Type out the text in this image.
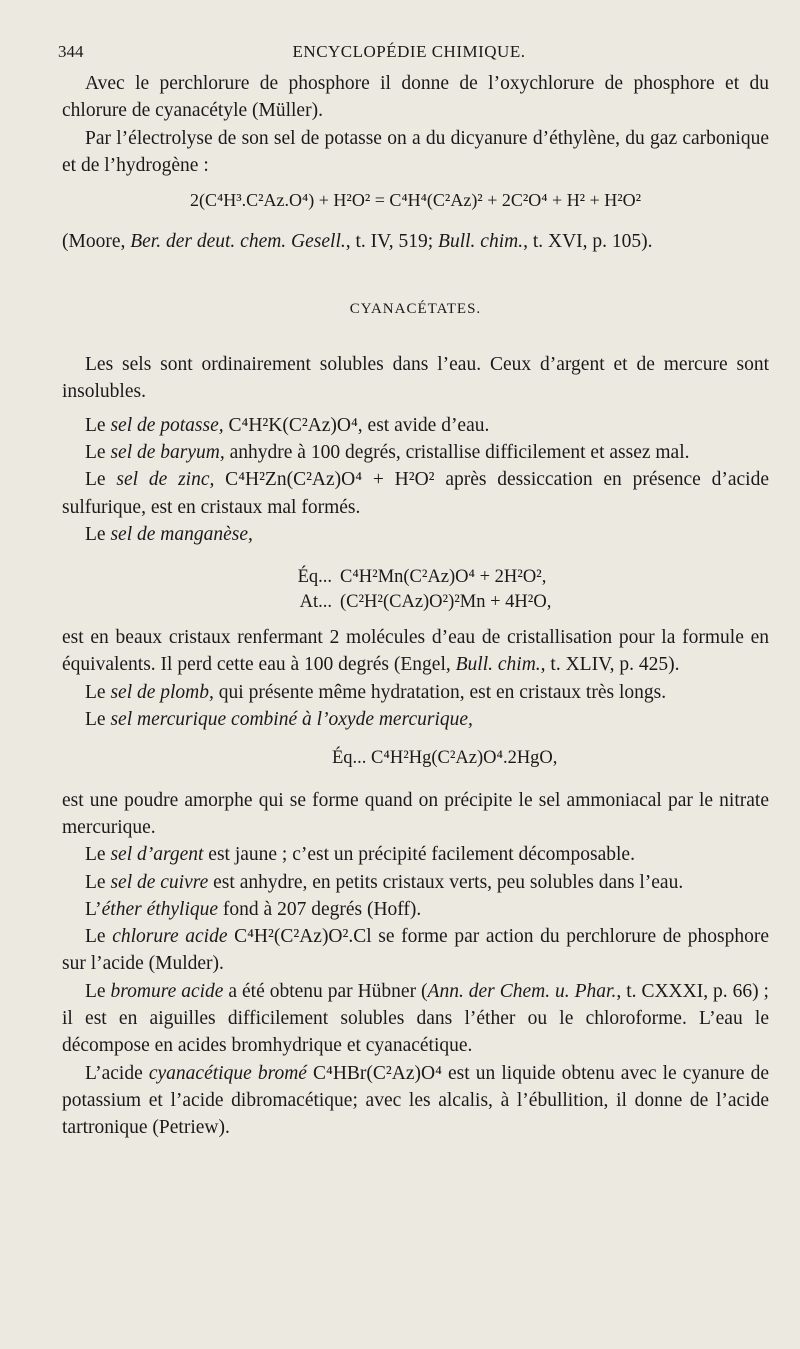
344	ENCYCLOPÉDIE CHIMIQUE.

Avec le perchlorure de phosphore il donne de l’oxychlorure de phosphore et du chlorure de cyanacétyle (Müller).

Par l’électrolyse de son sel de potasse on a du dicyanure d’éthylène, du gaz carbonique et de l’hydrogène :

2(C⁴H³.C²Az.O⁴) + H²O² = C⁴H⁴(C²Az)² + 2C²O⁴ + H² + H²O²

(Moore, Ber. der deut. chem. Gesell., t. IV, 519; Bull. chim., t. XVI, p. 105).

CYANACÉTATES.

Les sels sont ordinairement solubles dans l’eau. Ceux d’argent et de mercure sont insolubles.

Le sel de potasse, C⁴H²K(C²Az)O⁴, est avide d’eau.

Le sel de baryum, anhydre à 100 degrés, cristallise difficilement et assez mal.

Le sel de zinc, C⁴H²Zn(C²Az)O⁴ + H²O² après dessiccation en présence d’acide sulfurique, est en cristaux mal formés.

Le sel de manganèse,

Éq... C⁴H²Mn(C²Az)O⁴ + 2H²O²,
At... (C²H²(CAz)O²)²Mn + 4H²O,

est en beaux cristaux renfermant 2 molécules d’eau de cristallisation pour la formule en équivalents. Il perd cette eau à 100 degrés (Engel, Bull. chim., t. XLIV, p. 425).

Le sel de plomb, qui présente même hydratation, est en cristaux très longs.

Le sel mercurique combiné à l’oxyde mercurique,

Éq... C⁴H²Hg(C²Az)O⁴.2HgO,

est une poudre amorphe qui se forme quand on précipite le sel ammoniacal par le nitrate mercurique.

Le sel d’argent est jaune ; c’est un précipité facilement décomposable.

Le sel de cuivre est anhydre, en petits cristaux verts, peu solubles dans l’eau.

L’éther éthylique fond à 207 degrés (Hoff).

Le chlorure acide C⁴H²(C²Az)O².Cl se forme par action du perchlorure de phosphore sur l’acide (Mulder).

Le bromure acide a été obtenu par Hübner (Ann. der Chem. u. Phar., t. CXXXI, p. 66) ; il est en aiguilles difficilement solubles dans l’éther ou le chloroforme. L’eau le décompose en acides bromhydrique et cyanacétique.

L’acide cyanacétique bromé C⁴HBr(C²Az)O⁴ est un liquide obtenu avec le cyanure de potassium et l’acide dibromacétique; avec les alcalis, à l’ébullition, il donne de l’acide tartronique (Petriew).
